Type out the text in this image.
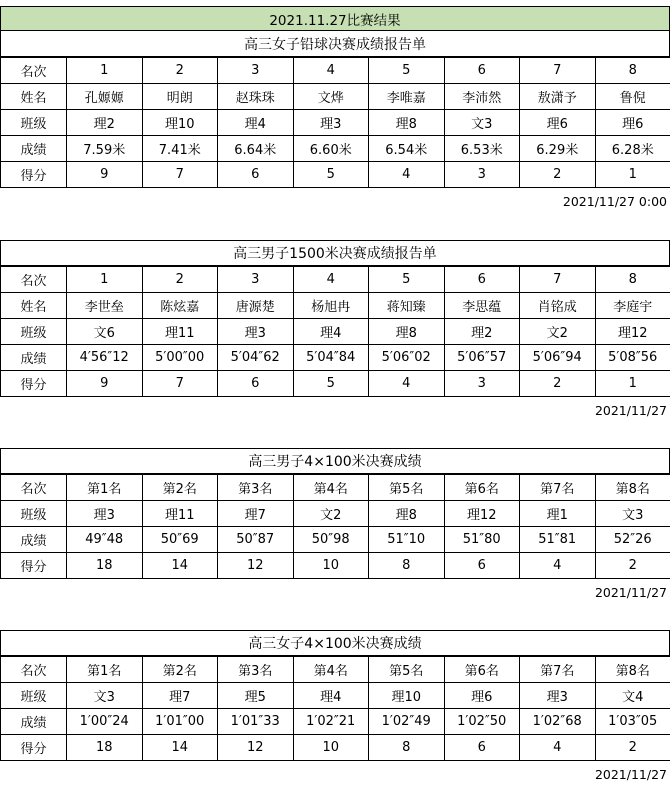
2021.11.27比赛结果
高三女子铅球决赛成绩报告单
名次	1	2	3	4	5	6	7	8
姓名	孔嫄嫄	明朗	赵珠珠	文烨	李唯嘉	李沛然	敖潇予	鲁倪
班级	理2	理10	理4	理3	理8	文3	理6	理6
成绩	7.59米	7.41米	6.64米	6.60米	6.54米	6.53米	6.29米	6.28米
得分	9	7	6	5	4	3	2	1
2021/11/27 0:00
高三男子1500米决赛成绩报告单
名次	1	2	3	4	5	6	7	8
姓名	李世垒	陈炫嘉	唐源楚	杨旭冉	蒋知臻	李思蕴	肖铭成	李庭宇
班级	文6	理11	理3	理4	理8	理2	文2	理12
成绩	4′56″12	5′00″00	5′04″62	5′04″84	5′06″02	5′06″57	5′06″94	5′08″56
得分	9	7	6	5	4	3	2	1
2021/11/27
高三男子4×100米决赛成绩
名次	第1名	第2名	第3名	第4名	第5名	第6名	第7名	第8名
班级	理3	理11	理7	文2	理8	理12	理1	文3
成绩	49″48	50″69	50″87	50″98	51″10	51″80	51″81	52″26
得分	18	14	12	10	8	6	4	2
2021/11/27
高三女子4×100米决赛成绩
名次	第1名	第2名	第3名	第4名	第5名	第6名	第7名	第8名
班级	文3	理7	理5	理4	理10	理6	理3	文4
成绩	1′00″24	1′01″00	1′01″33	1′02″21	1′02″49	1′02″50	1′02″68	1′03″05
得分	18	14	12	10	8	6	4	2
2021/11/27
